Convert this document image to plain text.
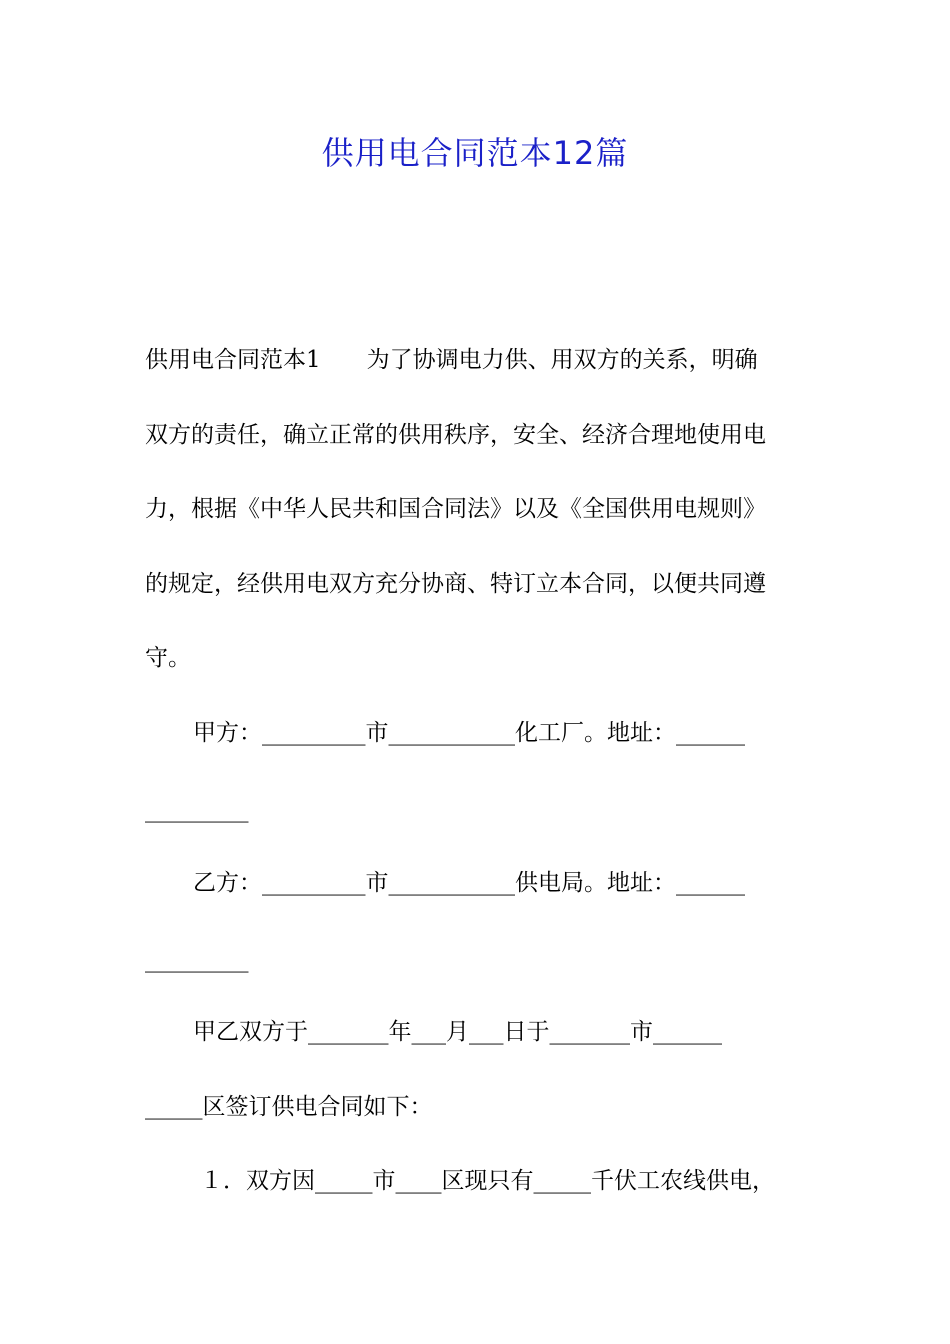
供用电合同范本12篇
供用电合同范本1　　为了协调电力供、用双方的关系，明确
双方的责任，确立正常的供用秩序，安全、经济合理地使用电
力，根据《中华人民共和国合同法》以及《全国供用电规则》
的规定，经供用电双方充分协商、特订立本合同，以便共同遵
守。
甲方：_________市___________化工厂。地址：______
_________
乙方：_________市___________供电局。地址：______
_________
甲乙双方于_______年___月___日于_______市______
_____区签订供电合同如下：
１．双方因_____市____区现只有_____千伏工农线供电，
